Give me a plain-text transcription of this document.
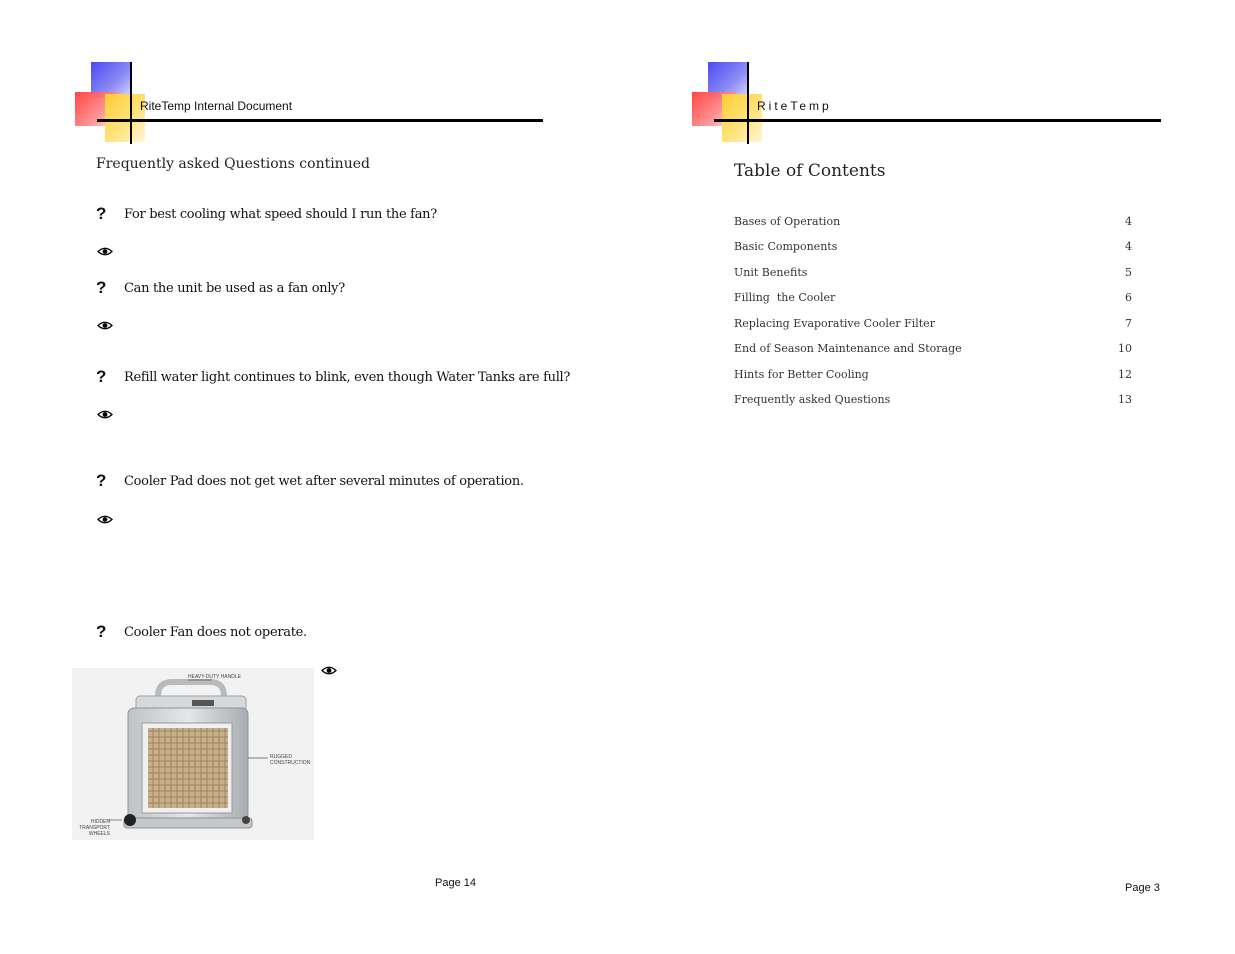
RiteTemp Internal Document
Frequently asked Questions continued
?	For best cooling what speed should I run the fan?
?	Can the unit be used as a fan only?
?	Refill water light continues to blink, even though Water Tanks are full?
?	Cooler Pad does not get wet after several minutes of operation.
?	Cooler Fan does not operate.
HEAVY-DUTY HANDLE
RUGGED CONSTRUCTION
HIDDEN TRANSPORT WHEELS
Page 14
RiteTemp
Table of Contents
Bases of Operation	4
Basic Components	4
Unit Benefits	5
Filling  the Cooler	6
Replacing Evaporative Cooler Filter	7
End of Season Maintenance and Storage	10
Hints for Better Cooling	12
Frequently asked Questions	13
Page 3
